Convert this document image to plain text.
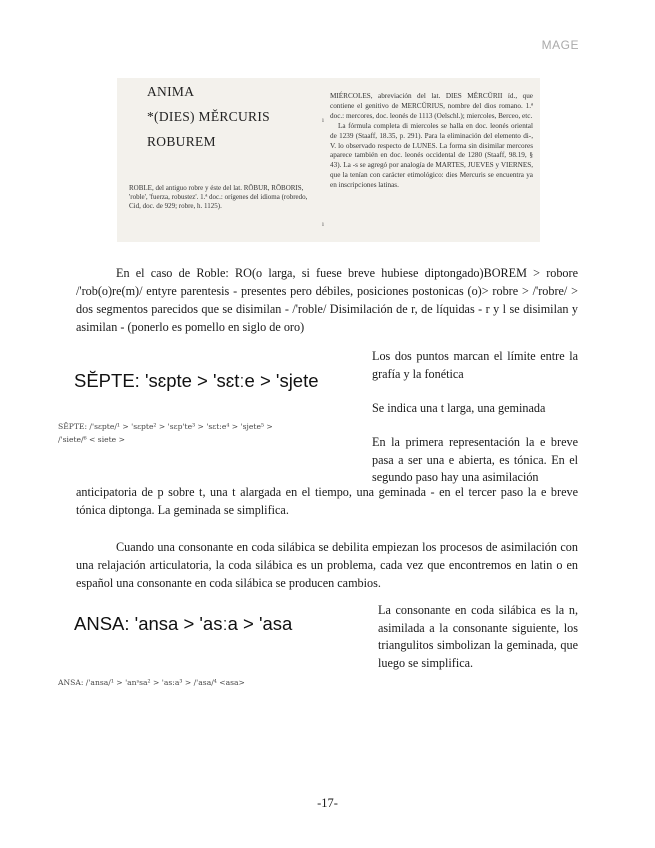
MAGE
ANIMA
*(DIES) MĚRCURIS
ROBUREM
ROBLE, del antiguo robre y éste del lat. RŌBUR, RŌBORIS, 'roble', 'fuerza, robustez'. 1.ª doc.: orígenes del idioma (robredo, Cid, doc. de 929; robre, h. 1125).
ı
ı
MIÉRCOLES, abreviación del lat. DIES MĔRCŬRII íd., que contiene el genitivo de MERCŬRIUS, nombre del dios romano. 1.ª doc.: mercores, doc. leonés de 1113 (Oelschl.); miercoles, Berceo, etc.
La fórmula completa di miercoles se halla en doc. leonés oriental de 1239 (Staaff, 18.35, p. 291). Para la eliminación del elemento di-, V. lo observado respecto de LUNES. La forma sin disimilar mercores aparece también en doc. leonés occidental de 1280 (Staaff, 98.19, § 43). La -s se agregó por analogía de MARTES, JUEVES y VIERNES, que la tenían con carácter etimológico: dies Mercuris se encuentra ya en inscripciones latinas.
En el caso de Roble: RO(o larga, si fuese breve hubiese diptongado)BOREM > robore /'rob(o)re(m)/ entyre parentesis - presentes pero débiles, posiciones postonicas (o)> robre > /'robre/ > dos segmentos parecidos que se disimilan - /'roble/ Disimilación de r, de líquidas - r y l se disimilan y asimilan - (ponerlo es pomello en siglo de oro)
SĔPTE: 'sɛpte > 'sɛtːe > 'sjete
SĔPTE: /'sɛpte/¹ > 'sɛpte² > 'sɛp'te³ > 'sɛt:e⁴ > 'sjete⁵ >
/'siete/⁶ < siete >
Los dos puntos marcan el límite entre la grafía y la fonética
Se indica una t larga, una geminada
En la primera representación la e breve pasa a ser una e abierta, es tónica. En el segundo paso hay una asimilación
anticipatoria de p sobre t, una t alargada en el tiempo, una geminada - en el tercer paso la e breve tónica diptonga. La geminada se simplifica.
Cuando una consonante en coda silábica se debilita empiezan los procesos de asimilación con una relajación articulatoria, la coda silábica es un problema, cada vez que encontremos en latin o en español una consonante en coda silábica se producen cambios.
ANSA: 'ansa > 'asːa > 'asa
ANSA: /'ansa/¹ > 'anˢsa² > 'as:a³ > /'asa/⁴ <asa>
La consonante en coda silábica es la n, asimilada a la consonante siguiente, los triangulitos simbolizan la geminada, que luego se simplifica.
-17-
